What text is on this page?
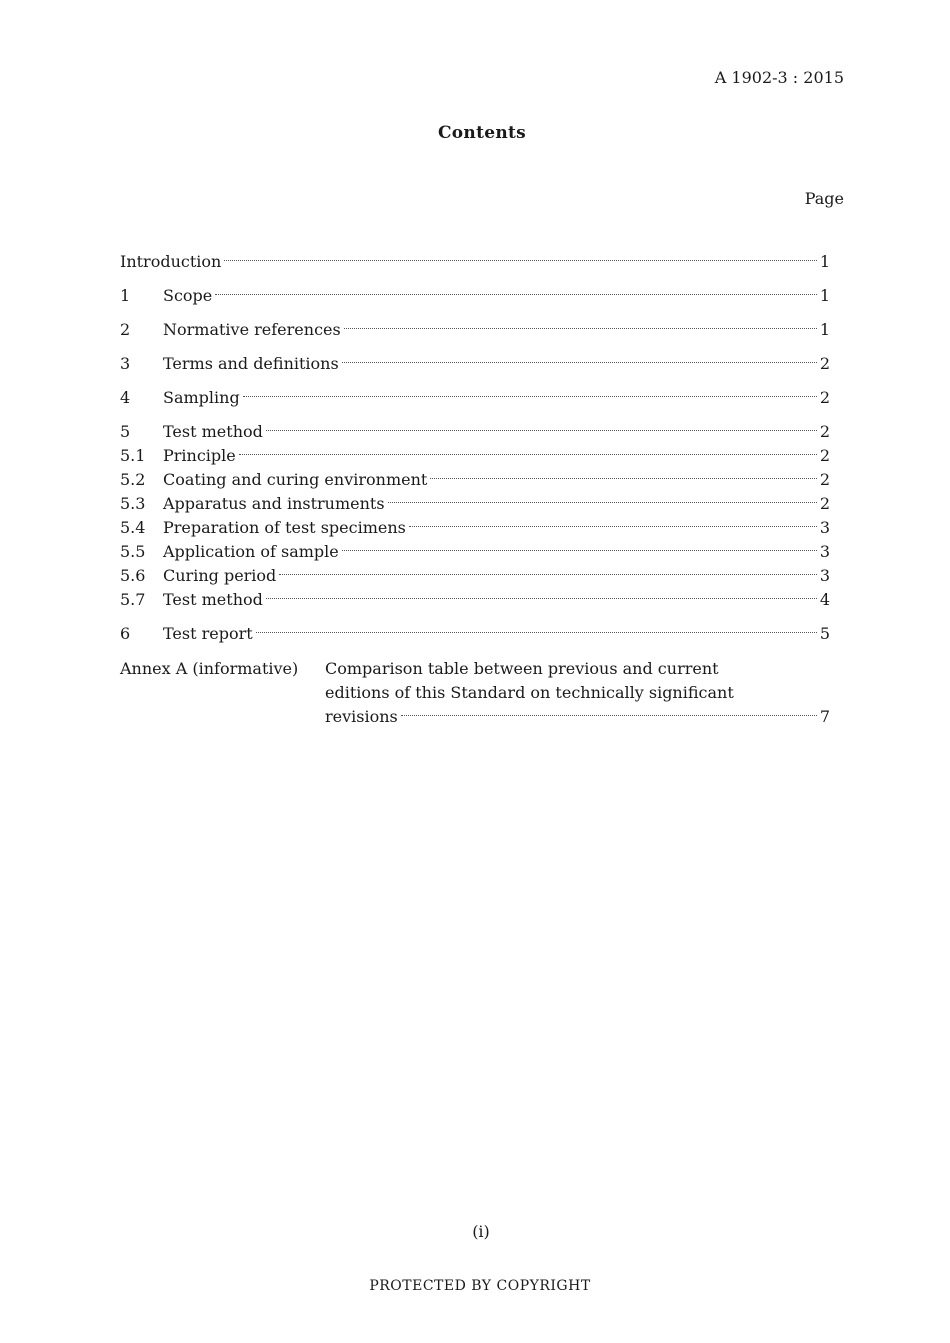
A 1902-3 : 2015
Contents
Page
Introduction	1
1 Scope	1
2 Normative references	1
3 Terms and definitions	2
4 Sampling	2
5 Test method	2
5.1 Principle	2
5.2 Coating and curing environment	2
5.3 Apparatus and instruments	2
5.4 Preparation of test specimens	3
5.5 Application of sample	3
5.6 Curing period	3
5.7 Test method	4
6 Test report	5
Annex A (informative) Comparison table between previous and current
editions of this Standard on technically significant
revisions	7
(i)
PROTECTED BY COPYRIGHT
